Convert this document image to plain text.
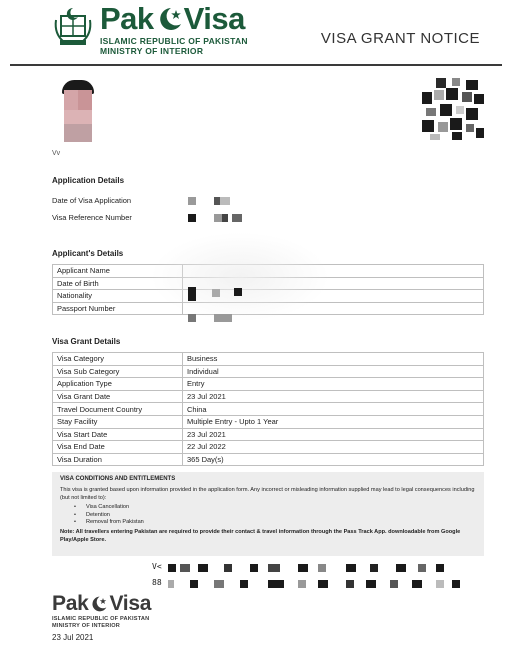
Pak Visa
ISLAMIC REPUBLIC OF PAKISTAN
MINISTRY OF INTERIOR
VISA GRANT NOTICE
Vv
Application Details
Date of Visa Application
Visa Reference Number
Applicant's Details
Applicant Name	
Date of Birth	
Nationality	
Passport Number	
Visa Grant Details
Visa Category	Business
Visa Sub Category	Individual
Application Type	Entry
Visa Grant Date	23 Jul 2021
Travel Document Country	China
Stay Facility	Multiple Entry - Upto 1 Year
Visa Start Date	23 Jul 2021
Visa End Date	22 Jul 2022
Visa Duration	365 Day(s)
VISA CONDITIONS AND ENTITLEMENTS
This visa is granted based upon information provided in the application form. Any incorrect or misleading information supplied may lead to legal consequences including (but not limited to):
• Visa Cancellation
• Detention
• Removal from Pakistan
Note: All travellers entering Pakistan are required to provide their contact & travel information through the Pass Track App. downloadable from Google Play/Apple Store.
V<
88
Pak Visa
ISLAMIC REPUBLIC OF PAKISTAN
MINISTRY OF INTERIOR
23 Jul 2021
